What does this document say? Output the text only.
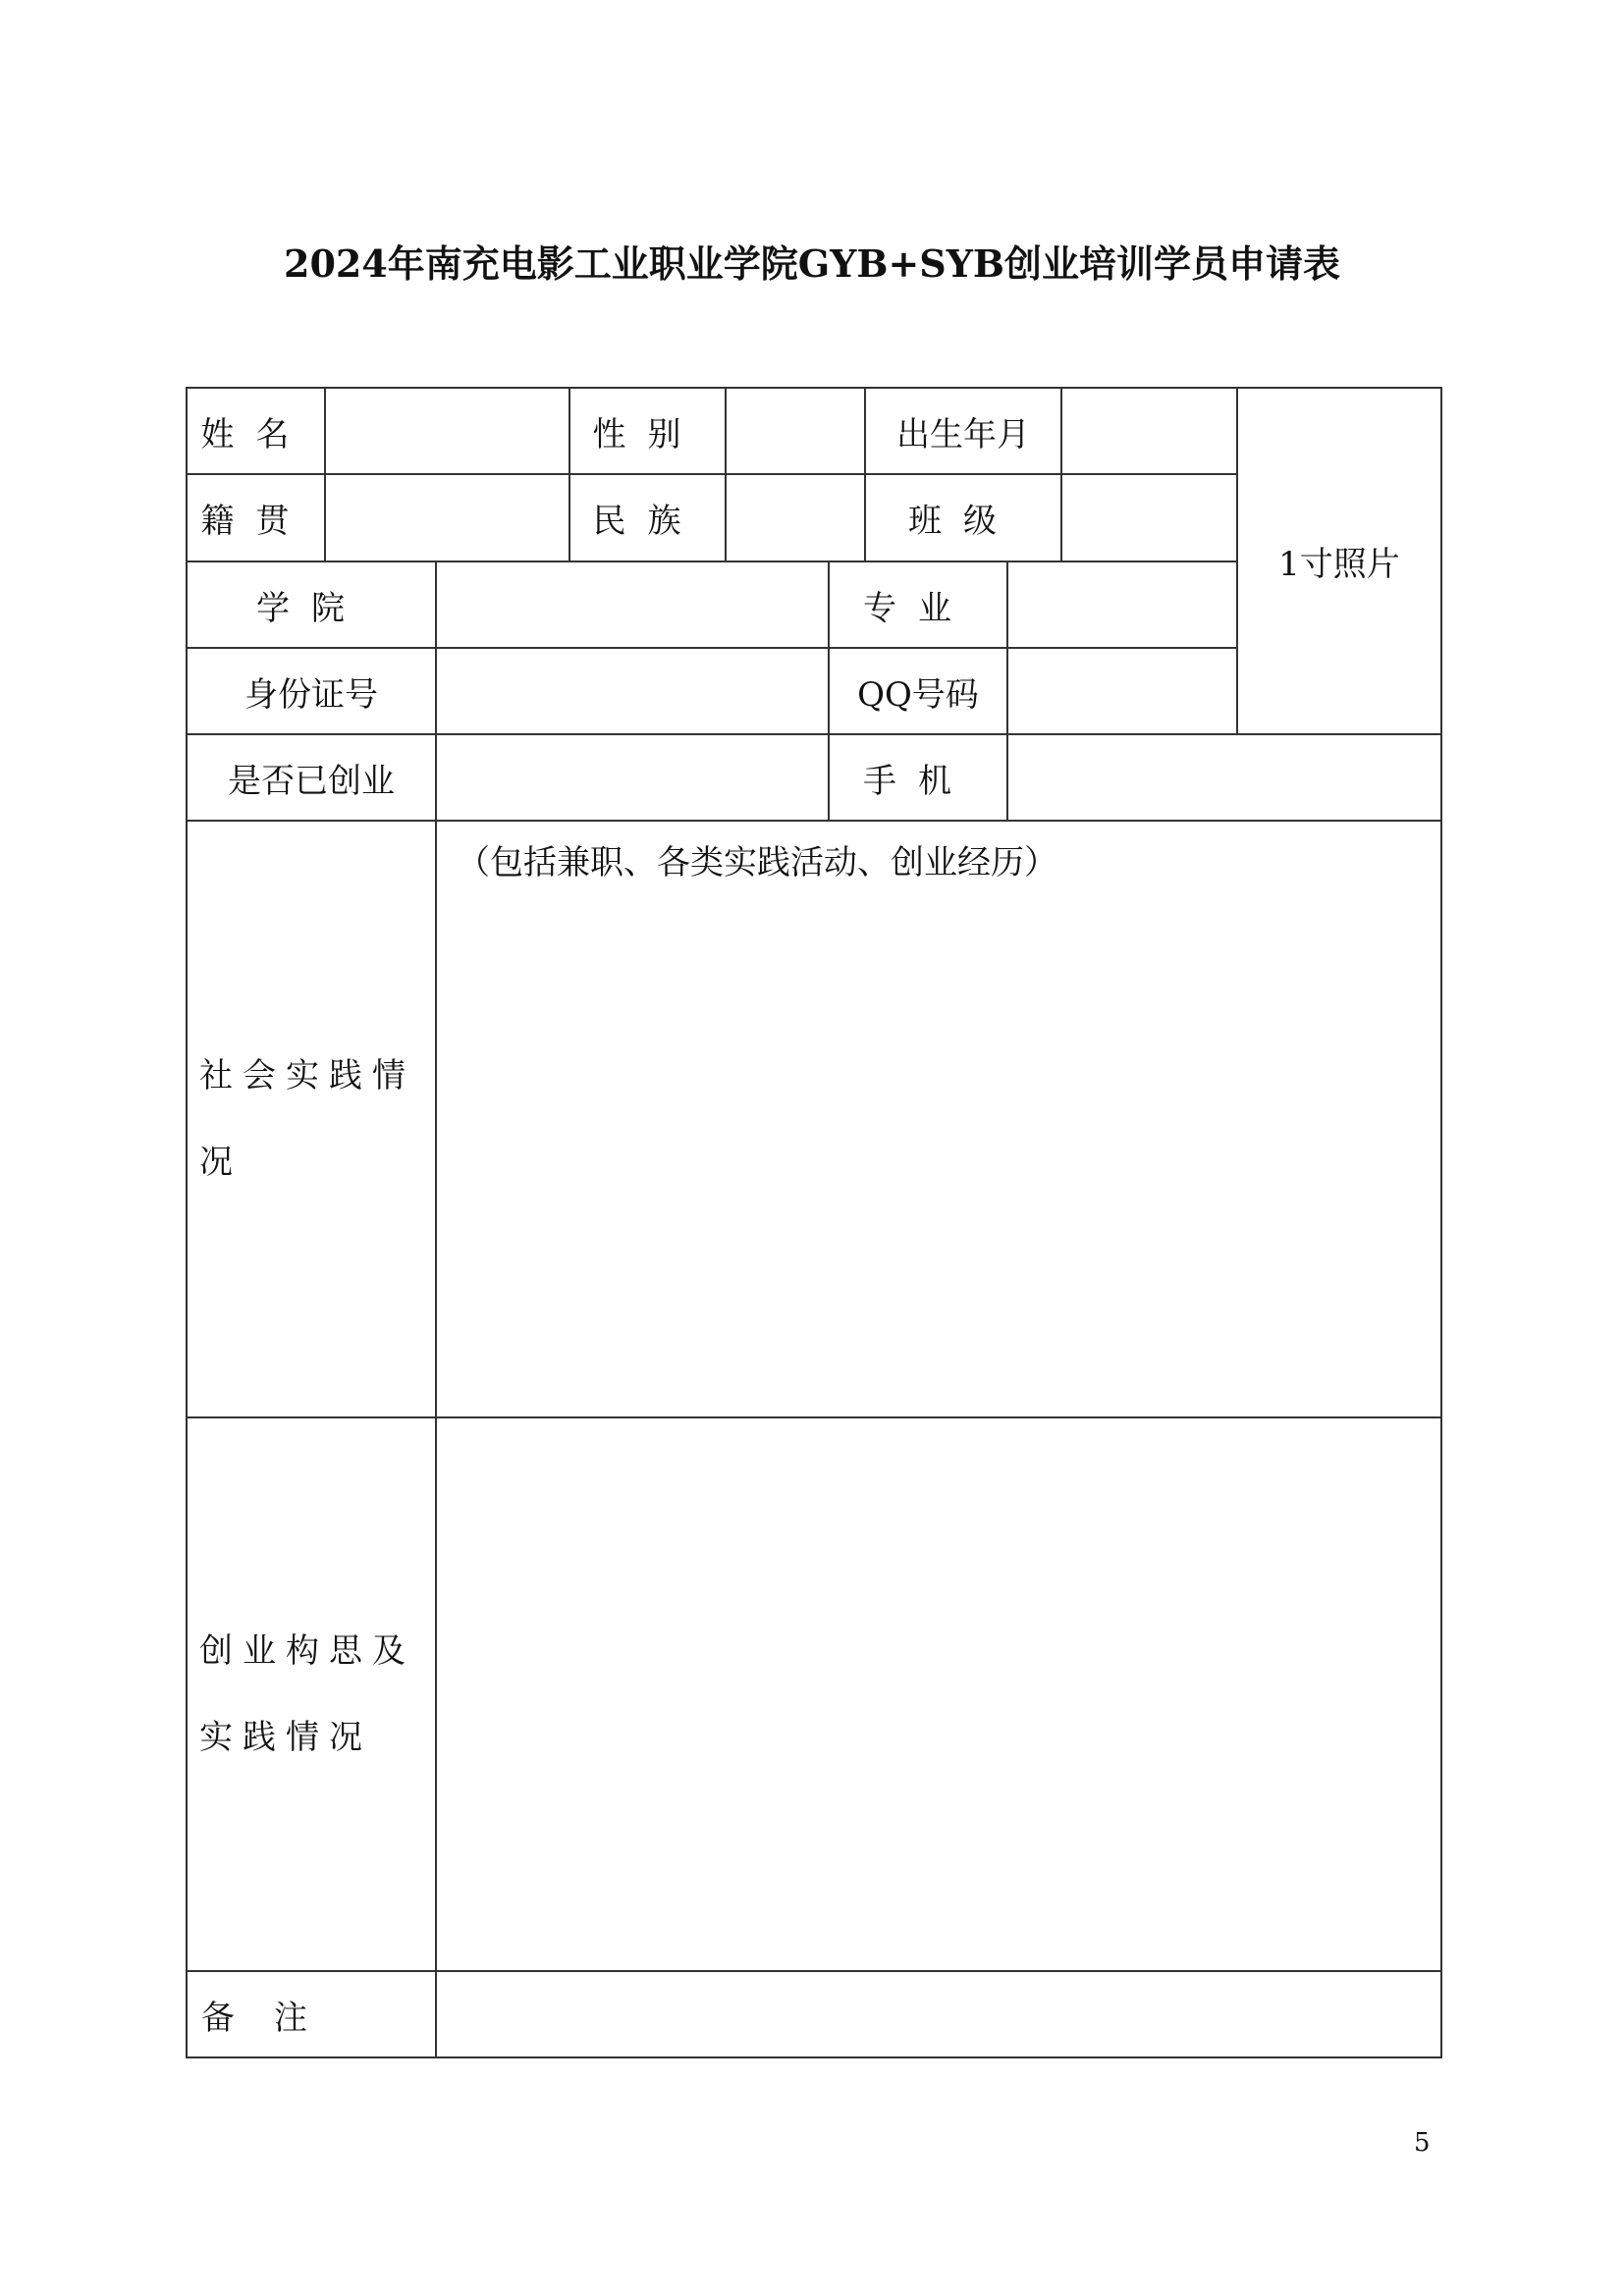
2024年南充电影工业职业学院GYB+SYB创业培训学员申请表
姓名	性别	出生年月
1寸照片
籍贯	民族	班级
学院	专业
身份证号	QQ号码
是否已创业	手机
社会实践情况
（包括兼职、各类实践活动、创业经历）
创业构思及实践情况
备注
5
